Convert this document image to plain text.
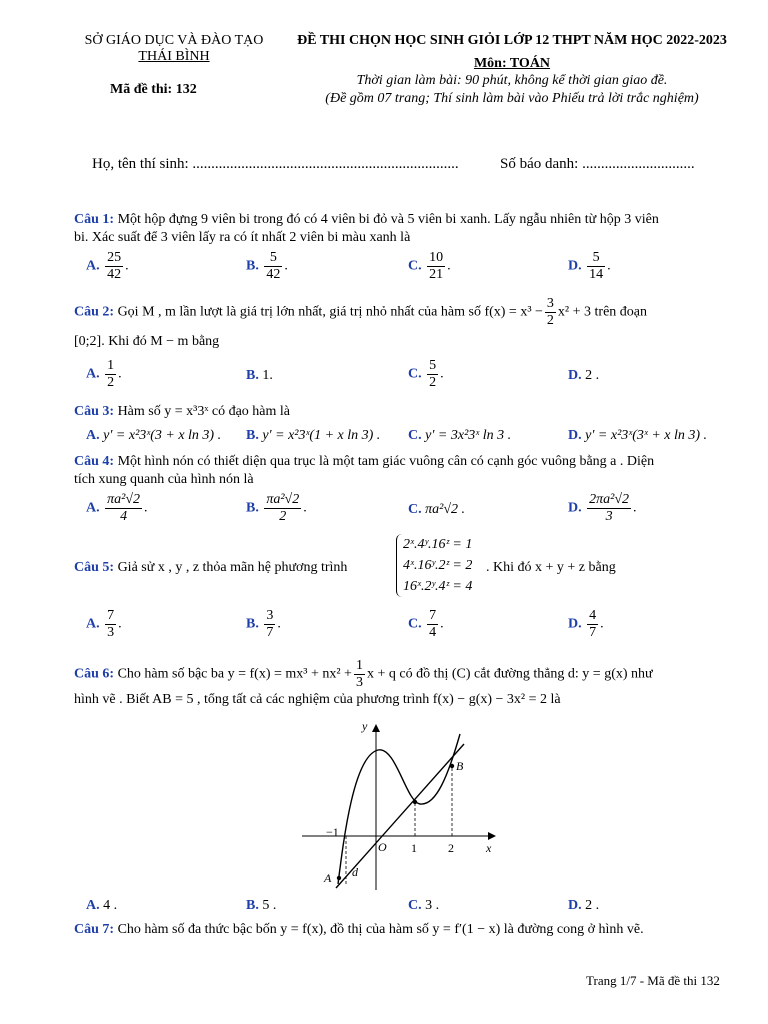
SỞ GIÁO DỤC VÀ ĐÀO TẠO
THÁI BÌNH
Mã đề thi: 132
ĐỀ THI CHỌN HỌC SINH GIỎI LỚP 12 THPT NĂM HỌC 2022-2023
Môn: TOÁN
Thời gian làm bài: 90 phút, không kể thời gian giao đề.
(Đề gồm 07 trang; Thí sinh làm bài vào Phiếu trả lời trắc nghiệm)
Họ, tên thí sinh: .......................................................................	Số báo danh: ..............................
Câu 1: Một hộp đựng 9 viên bi trong đó có 4 viên bi đỏ và 5 viên bi xanh. Lấy ngẫu nhiên từ hộp 3 viên
bi. Xác suất để 3 viên lấy ra có ít nhất 2 viên bi màu xanh là
A. $\frac{25}{42}$ .	B. $\frac{5}{42}$ .	C. $\frac{10}{21}$ .	D. $\frac{5}{14}$ .
Câu 2: Gọi M , m lần lượt là giá trị lớn nhất, giá trị nhỏ nhất của hàm số $f(x) = x^3 - \frac{3}{2} x^2 + 3$ trên đoạn
[0;2]. Khi đó M − m bằng
A. $\frac{1}{2}$ .	B. 1.	C. $\frac{5}{2}$ .	D. 2 .
Câu 3: Hàm số y = x³3ˣ có đạo hàm là
A. y′ = x²3ˣ(3 + x ln 3) . B. y′ = x²3ˣ(1 + x ln 3) . C. y′ = 3x²3ˣ ln 3 .	D. y′ = x²3ˣ(3ˣ + x ln 3) .
Câu 4: Một hình nón có thiết diện qua trục là một tam giác vuông cân có cạnh góc vuông bằng a . Diện
tích xung quanh của hình nón là
A. $\frac{\text{πa²√2}}{4}$ .	B. $\frac{\text{πa²√2}}{2}$ .	C. πa²√2 .	D. $\frac{\text{2πa²√2}}{3}$ .
Câu 5: Giả sử x , y , z thỏa mãn hệ phương trình
2ˣ.4ʸ.16ᶻ = 1
4ˣ.16ʸ.2ᶻ = 2
16ˣ.2ʸ.4ᶻ = 4
. Khi đó x + y + z bằng
A. $\frac{7}{3}$ .	B. $\frac{3}{7}$ .	C. $\frac{7}{4}$ .	D. $\frac{4}{7}$ .
Câu 6: Cho hàm số bậc ba $y = f(x) = mx^3 + nx^2 + \frac{1}{3}$ x + q có đồ thị (C) cắt đường thẳng d: y = g(x) như
hình vẽ . Biết AB = 5 , tổng tất cả các nghiệm của phương trình f(x) − g(x) − 3x² = 2 là
y
x
O
−1
1	2
A
B
d
A. 4 .	B. 5 .	C. 3 .	D. 2 .
Câu 7: Cho hàm số đa thức bậc bốn y = f(x), đồ thị của hàm số y = f′(1 − x) là đường cong ở hình vẽ.
Trang 1/7 - Mã đề thi 132
